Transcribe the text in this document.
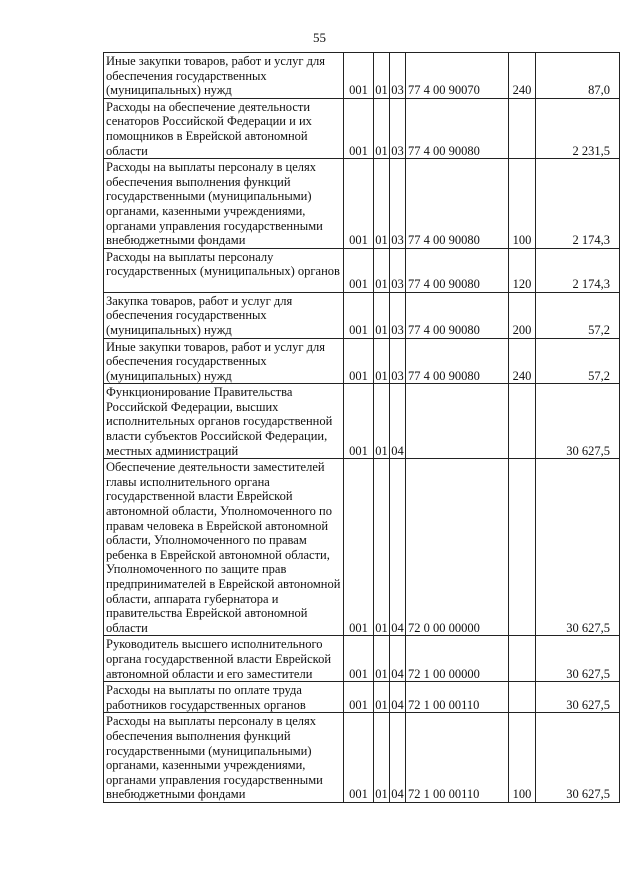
55
Иные закупки товаров, работ и услуг для обеспечения государственных (муниципальных) нужд	001	01	03	77 4 00 90070	240	87,0
Расходы на обеспечение деятельности сенаторов Российской Федерации и их помощников в Еврейской автономной области	001	01	03	77 4 00 90080		2 231,5
Расходы на выплаты персоналу в целях обеспечения выполнения функций государственными (муниципальными) органами, казенными учреждениями, органами управления государственными внебюджетными фондами	001	01	03	77 4 00 90080	100	2 174,3
Расходы на выплаты персоналу государственных (муниципальных) органов	001	01	03	77 4 00 90080	120	2 174,3
Закупка товаров, работ и услуг для обеспечения государственных (муниципальных) нужд	001	01	03	77 4 00 90080	200	57,2
Иные закупки товаров, работ и услуг для обеспечения государственных (муниципальных) нужд	001	01	03	77 4 00 90080	240	57,2
Функционирование Правительства Российской Федерации, высших исполнительных органов государственной власти субъектов Российской Федерации, местных администраций	001	01	04			30 627,5
Обеспечение деятельности заместителей главы исполнительного органа государственной власти Еврейской автономной области, Уполномоченного по правам человека в Еврейской автономной области, Уполномоченного по правам ребенка в Еврейской автономной области, Уполномоченного по защите прав предпринимателей в Еврейской автономной области, аппарата губернатора и правительства Еврейской автономной области	001	01	04	72 0 00 00000		30 627,5
Руководитель высшего исполнительного органа государственной власти Еврейской автономной области и его заместители	001	01	04	72 1 00 00000		30 627,5
Расходы на выплаты по оплате труда работников государственных органов	001	01	04	72 1 00 00110		30 627,5
Расходы на выплаты персоналу в целях обеспечения выполнения функций государственными (муниципальными) органами, казенными учреждениями, органами управления государственными внебюджетными фондами	001	01	04	72 1 00 00110	100	30 627,5
